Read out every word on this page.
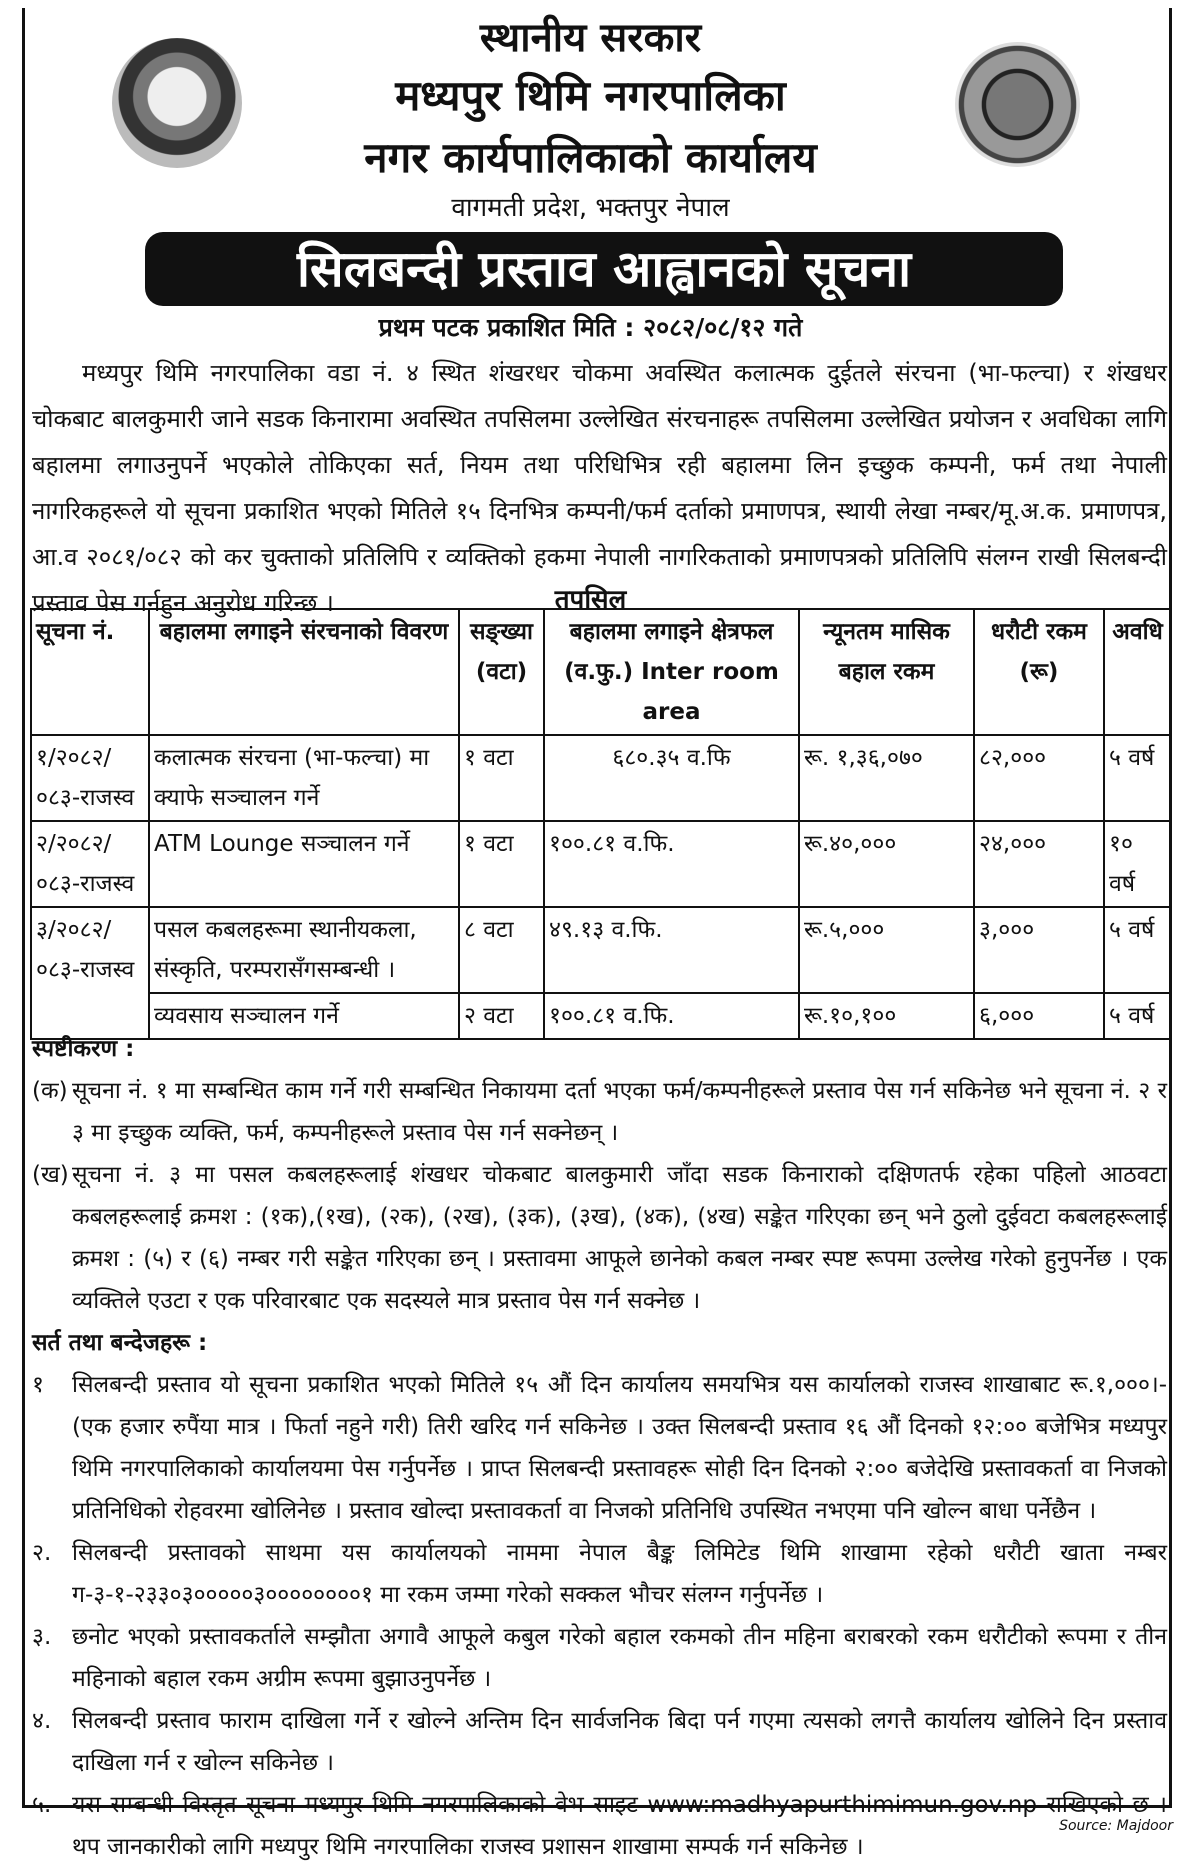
स्थानीय सरकार
मध्यपुर थिमि नगरपालिका
नगर कार्यपालिकाको कार्यालय
वागमती प्रदेश, भक्तपुर नेपाल
सिलबन्दी प्रस्ताव आह्वानको सूचना
प्रथम पटक प्रकाशित मिति : २०८२/०८/१२ गते
मध्यपुर थिमि नगरपालिका वडा नं. ४ स्थित शंखरधर चोकमा अवस्थित कलात्मक दुईतले संरचना (भा-फल्चा) र शंखधर चोकबाट बालकुमारी जाने सडक किनारामा अवस्थित तपसिलमा उल्लेखित संरचनाहरू तपसिलमा उल्लेखित प्रयोजन र अवधिका लागि बहालमा लगाउनुपर्ने भएकोले तोकिएका सर्त, नियम तथा परिधिभित्र रही बहालमा लिन इच्छुक कम्पनी, फर्म तथा नेपाली नागरिकहरूले यो सूचना प्रकाशित भएको मितिले १५ दिनभित्र कम्पनी/फर्म दर्ताको प्रमाणपत्र, स्थायी लेखा नम्बर/मू.अ.क. प्रमाणपत्र, आ.व २०८१/०८२ को कर चुक्ताको प्रतिलिपि र व्यक्तिको हकमा नेपाली नागरिकताको प्रमाणपत्रको प्रतिलिपि संलग्न राखी सिलबन्दी प्रस्ताव पेस गर्नहुन अनुरोध गरिन्छ ।	तपसिल
सूचना नं.	बहालमा लगाइने संरचनाको विवरण	सङ्ख्या (वटा)	बहालमा लगाइने क्षेत्रफल (व.फु.) Inter room area	न्यूनतम मासिक बहाल रकम	धरौटी रकम (रू)	अवधि
१/२०८२/ ०८३-राजस्व	कलात्मक संरचना (भा-फल्चा) मा क्याफे सञ्चालन गर्ने	१ वटा	६८०.३५ व.फि	रू. १,३६,०७०	८२,०००	५ वर्ष
२/२०८२/ ०८३-राजस्व	ATM Lounge सञ्चालन गर्ने	१ वटा	१००.८१ व.फि.	रू.४०,०००	२४,०००	१० वर्ष
३/२०८२/ ०८३-राजस्व	पसल कबलहरूमा स्थानीयकला, संस्कृति, परम्परासँगसम्बन्धी ।	८ वटा	४९.१३ व.फि.	रू.५,०००	३,०००	५ वर्ष
	व्यवसाय सञ्चालन गर्ने	२ वटा	१००.८१ व.फि.	रू.१०,१००	६,०००	५ वर्ष
स्पष्टीकरण :
(क) सूचना नं. १ मा सम्बन्धित काम गर्ने गरी सम्बन्धित निकायमा दर्ता भएका फर्म/कम्पनीहरूले प्रस्ताव पेस गर्न सकिनेछ भने सूचना नं. २ र ३ मा इच्छुक व्यक्ति, फर्म, कम्पनीहरूले प्रस्ताव पेस गर्न सक्नेछन् ।
(ख) सूचना नं. ३ मा पसल कबलहरूलाई शंखधर चोकबाट बालकुमारी जाँदा सडक किनाराको दक्षिणतर्फ रहेका पहिलो आठवटा कबलहरूलाई क्रमश : (१क),(१ख), (२क), (२ख), (३क), (३ख), (४क), (४ख) सङ्केत गरिएका छन् भने ठुलो दुईवटा कबलहरूलाई क्रमश : (५) र (६) नम्बर गरी सङ्केत गरिएका छन् । प्रस्तावमा आफूले छानेको कबल नम्बर स्पष्ट रूपमा उल्लेख गरेको हुनुपर्नेछ । एक व्यक्तिले एउटा र एक परिवारबाट एक सदस्यले मात्र प्रस्ताव पेस गर्न सक्नेछ ।
सर्त तथा बन्देजहरू :
१	सिलबन्दी प्रस्ताव यो सूचना प्रकाशित भएको मितिले १५ औं दिन कार्यालय समयभित्र यस कार्यालको राजस्व शाखाबाट रू.१,०००।-(एक हजार रुपैंया मात्र । फिर्ता नहुने गरी) तिरी खरिद गर्न सकिनेछ । उक्त सिलबन्दी प्रस्ताव १६ औं दिनको १२:०० बजेभित्र मध्यपुर थिमि नगरपालिकाको कार्यालयमा पेस गर्नुपर्नेछ । प्राप्त सिलबन्दी प्रस्तावहरू सोही दिन दिनको २:०० बजेदेखि प्रस्तावकर्ता वा निजको प्रतिनिधिको रोहवरमा खोलिनेछ । प्रस्ताव खोल्दा प्रस्तावकर्ता वा निजको प्रतिनिधि उपस्थित नभएमा पनि खोल्न बाधा पर्नेछैन ।
२. सिलबन्दी प्रस्तावको साथमा यस कार्यालयको नाममा नेपाल बैङ्क लिमिटेड थिमि शाखामा रहेको धरौटी खाता नम्बर ग-३-१-२३३०३०००००३००००००००१ मा रकम जम्मा गरेको सक्कल भौचर संलग्न गर्नुपर्नेछ ।
३. छनोट भएको प्रस्तावकर्ताले सम्झौता अगावै आफूले कबुल गरेको बहाल रकमको तीन महिना बराबरको रकम धरौटीको रूपमा र तीन महिनाको बहाल रकम अग्रीम रूपमा बुझाउनुपर्नेछ ।
४. सिलबन्दी प्रस्ताव फाराम दाखिला गर्ने र खोल्ने अन्तिम दिन सार्वजनिक बिदा पर्न गएमा त्यसको लगत्तै कार्यालय खोलिने दिन प्रस्ताव दाखिला गर्न र खोल्न सकिनेछ ।
५. यस सम्बन्धी विस्तृत सूचना मध्यपुर थिमि नगरपालिकाको वेभ साइट www:madhyapurthimimun.gov.np राखिएको छ । थप जानकारीको लागि मध्यपुर थिमि नगरपालिका राजस्व प्रशासन शाखामा सम्पर्क गर्न सकिनेछ ।
Source: Majdoor
